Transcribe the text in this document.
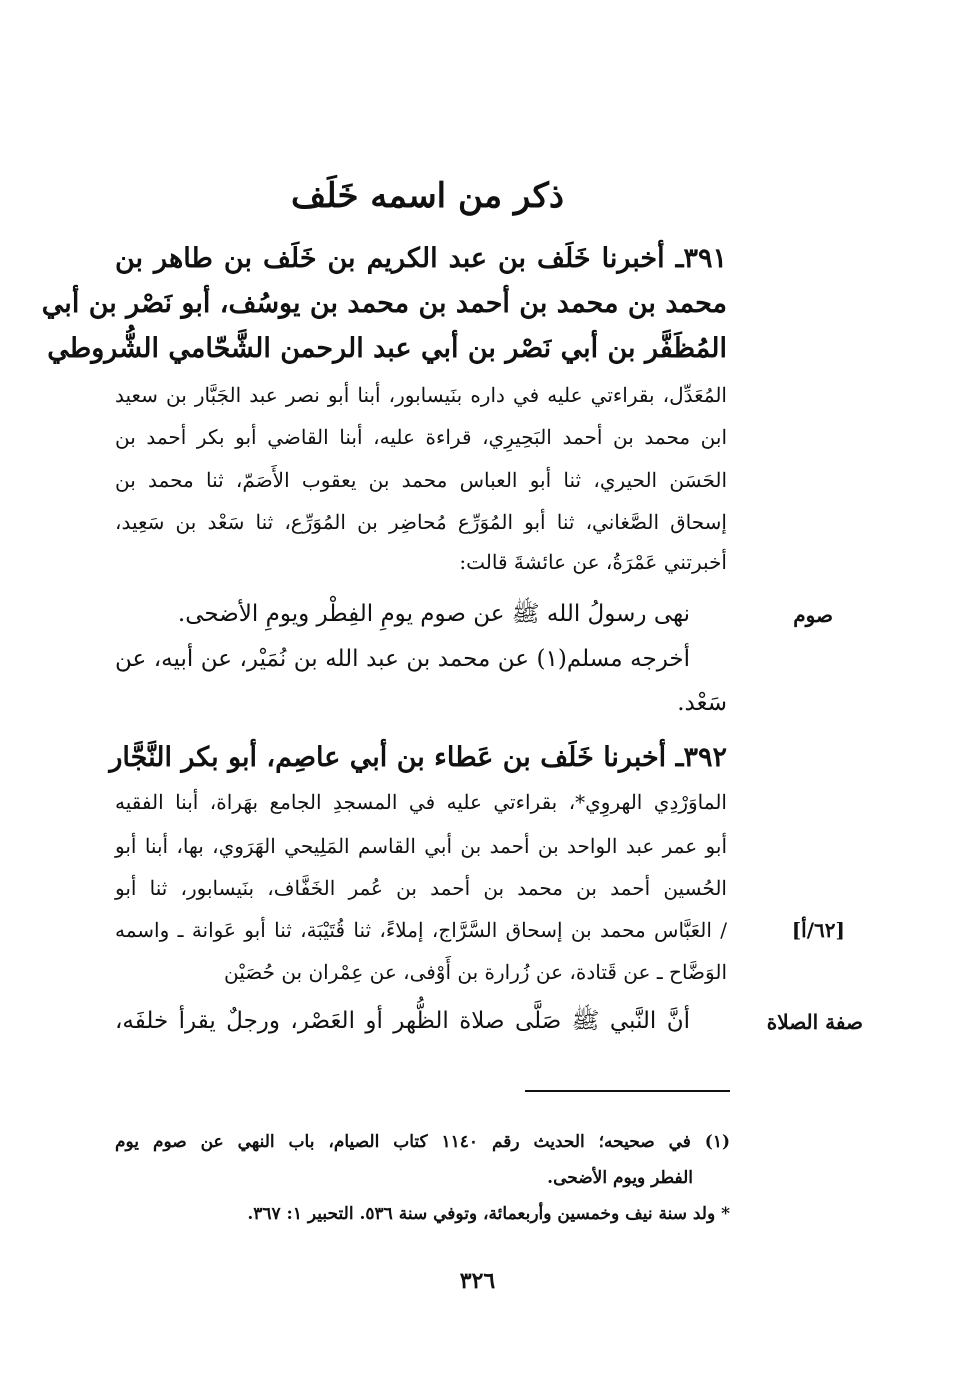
ذكر من اسمه خَلَف
٣٩١ـ أخبرنا خَلَف بن عبد الكريم بن خَلَف بن طاهر بن
محمد بن محمد بن أحمد بن محمد بن يوسُف، أبو نَصْر بن أبي
المُظَفَّر بن أبي نَصْر بن أبي عبد الرحمن الشَّحّامي الشُّروطي
المُعَدِّل، بقراءتي عليه في داره بنَيسابور، أبنا أبو نصر عبد الجَبَّار بن سعيد
ابن محمد بن أحمد البَحِيرِي، قراءة عليه، أبنا القاضي أبو بكر أحمد بن
الحَسَن الحيري، ثنا أبو العباس محمد بن يعقوب الأَصَمّ، ثنا محمد بن
إسحاق الصَّغاني، ثنا أبو المُوَرِّع مُحاضِر بن المُوَرِّع، ثنا سَعْد بن سَعِيد،
أخبرتني عَمْرَةُ، عن عائشةَ قالت:
نهى رسولُ الله ﷺ عن صوم يومِ الفِطْر ويومِ الأضحى.
أخرجه مسلم(١) عن محمد بن عبد الله بن نُمَيْر، عن أبيه، عن
سَعْد.
صوم
٣٩٢ـ أخبرنا خَلَف بن عَطاء بن أبي عاصِم، أبو بكر النَّجَّار
الماوَرْدِي الهروِي*، بقراءتي عليه في المسجدِ الجامع بهَراة، أبنا الفقيه
أبو عمر عبد الواحد بن أحمد بن أبي القاسم المَلِيحي الهَرَوي، بها، أبنا أبو
الحُسين أحمد بن محمد بن أحمد بن عُمر الخَفَّاف، بنَيسابور، ثنا أبو
/ العَبَّاس محمد بن إسحاق السَّرَّاج، إملاءً، ثنا قُتَيْبَة، ثنا أبو عَوانة ـ واسمه
الوَضَّاح ـ عن قَتادة، عن زُرارة بن أَوْفى، عن عِمْران بن حُصَيْن
أنَّ النَّبي ﷺ صَلَّى صلاة الظُّهر أو العَصْر، ورجلٌ يقرأ خلفَه،
[٦٢/أ]
صفة الصلاة
(١) في صحيحه؛ الحديث رقم ١١٤٠ كتاب الصيام، باب النهي عن صوم يوم
الفطر ويوم الأضحى.
* ولد سنة نيف وخمسين وأربعمائة، وتوفي سنة ٥٣٦. التحبير ١: ٣٦٧.
٣٢٦
